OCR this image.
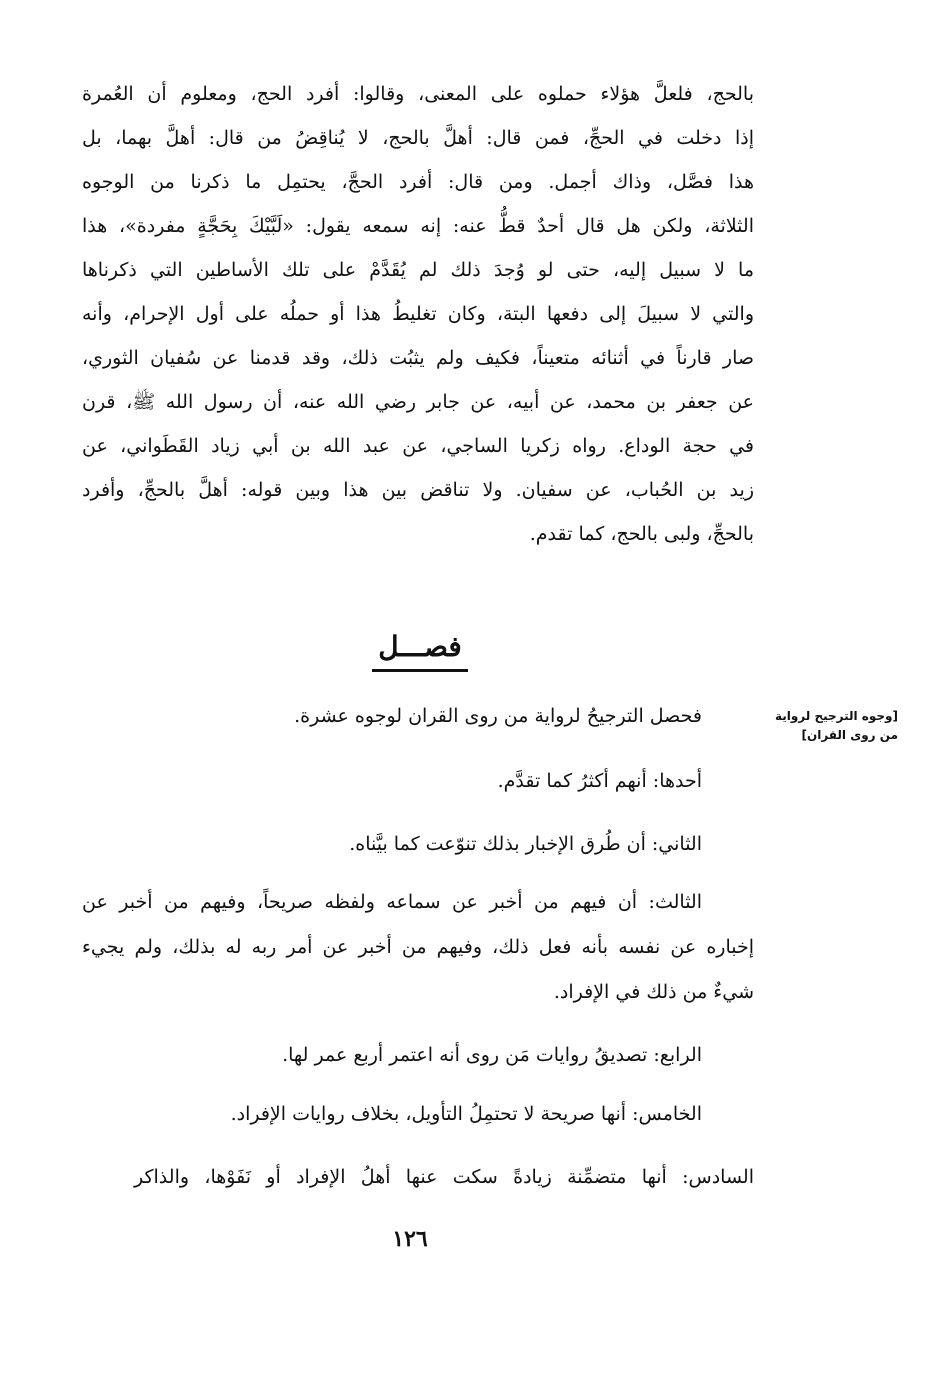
بالحج، فلعلَّ هؤلاء حملوه على المعنى، وقالوا: أفرد الحج، ومعلوم أن العُمرة
إذا دخلت في الحجِّ، فمن قال: أهلَّ بالحج، لا يُناقِضُ من قال: أهلَّ بهما، بل
هذا فصَّل، وذاك أجمل. ومن قال: أفرد الحجَّ، يحتمِل ما ذكرنا من الوجوه
الثلاثة، ولكن هل قال أحدٌ قطُّ عنه: إنه سمعه يقول: «لَبَّيْكَ بِحَجَّةٍ مفردة»، هذا
ما لا سبيل إليه، حتى لو وُجدَ ذلك لم يُقَدَّمْ على تلك الأساطين التي ذكرناها
والتي لا سبيلَ إلى دفعها البتة، وكان تغليطُ هذا أو حملُه على أول الإحرام، وأنه
صار قارناً في أثنائه متعيناً، فكيف ولم يثبُت ذلك، وقد قدمنا عن سُفيان الثوري،
عن جعفر بن محمد، عن أبيه، عن جابر رضي الله عنه، أن رسول الله ﷺ، قرن
في حجة الوداع. رواه زكريا الساجي، عن عبد الله بن أبي زياد القَطَواني، عن
زيد بن الحُباب، عن سفيان. ولا تناقض بين هذا وبين قوله: أهلَّ بالحجِّ، وأفرد
بالحجِّ، ولبى بالحج، كما تقدم.
فصـــل
[وجوه الترجيح لرواية من روى القران]
فحصل الترجيحُ لرواية من روى القران لوجوه عشرة.
أحدها: أنهم أكثرُ كما تقدَّم.
الثاني: أن طُرق الإخبار بذلك تنوّعت كما بيَّناه.
الثالث: أن فيهم من أخبر عن سماعه ولفظه صريحاً، وفيهم من أخبر عن
إخباره عن نفسه بأنه فعل ذلك، وفيهم من أخبر عن أمر ربه له بذلك، ولم يجيء
شيءٌ من ذلك في الإفراد.
الرابع: تصديقُ روايات مَن روى أنه اعتمر أربع عمر لها.
الخامس: أنها صريحة لا تحتمِلُ التأويل، بخلاف روايات الإفراد.
السادس: أنها متضمِّنة زيادةً سكت عنها أهلُ الإفراد أو نَفَوْها، والذاكر
١٢٦
